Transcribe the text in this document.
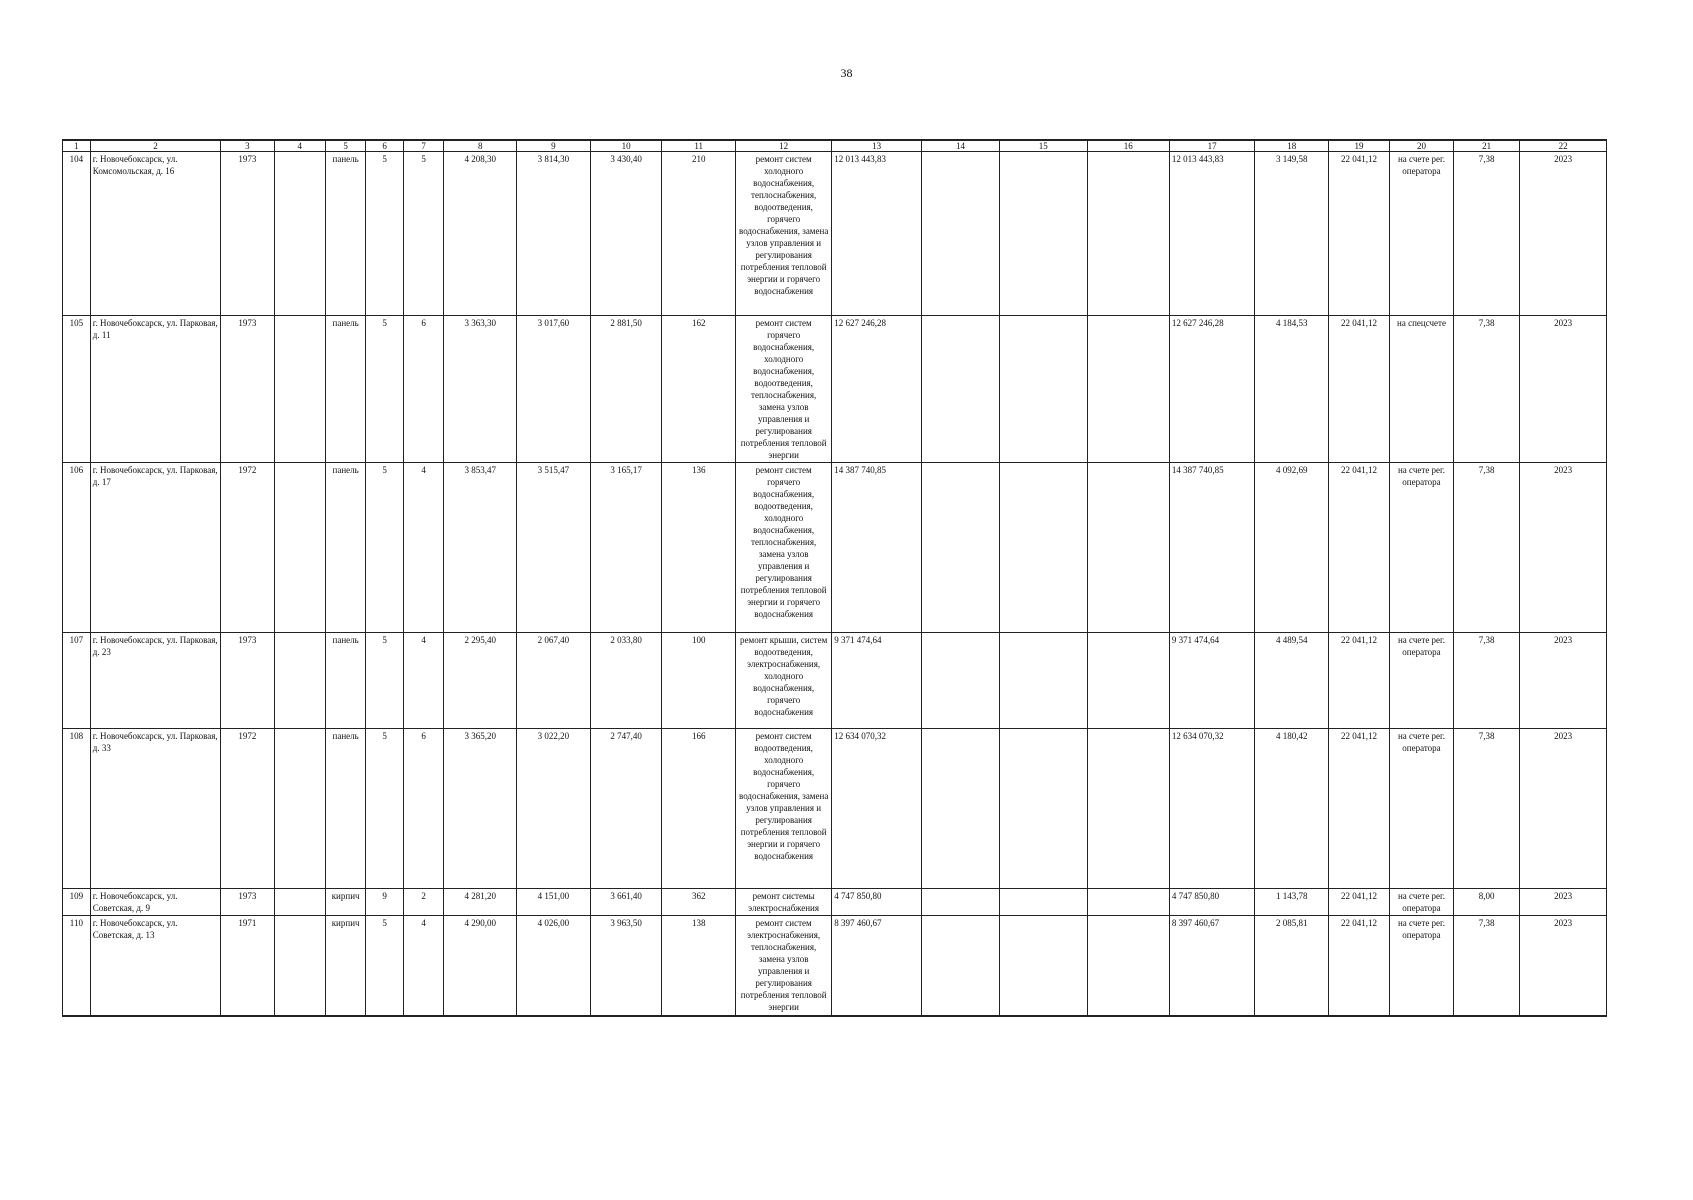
38
1	2	3	4	5	6	7	8	9	10	11	12	13	14	15	16	17	18	19	20	21	22
104	г. Новочебоксарск, ул. Комсомольская, д. 16	1973		панель	5	5	4 208,30	3 814,30	3 430,40	210	ремонт систем холодного водоснабжения, теплоснабжения, водоотведения, горячего водоснабжения, замена узлов управления и регулирования потребления тепловой энергии и горячего водоснабжения	12 013 443,83				12 013 443,83	3 149,58	22 041,12	на счете рег. оператора	7,38	2023
105	г. Новочебоксарск, ул. Парковая, д. 11	1973		панель	5	6	3 363,30	3 017,60	2 881,50	162	ремонт систем горячего водоснабжения, холодного водоснабжения, водоотведения, теплоснабжения, замена узлов управления и регулирования потребления тепловой энергии	12 627 246,28				12 627 246,28	4 184,53	22 041,12	на спецсчете	7,38	2023
106	г. Новочебоксарск, ул. Парковая, д. 17	1972		панель	5	4	3 853,47	3 515,47	3 165,17	136	ремонт систем горячего водоснабжения, водоотведения, холодного водоснабжения, теплоснабжения, замена узлов управления и регулирования потребления тепловой энергии и горячего водоснабжения	14 387 740,85				14 387 740,85	4 092,69	22 041,12	на счете рег. оператора	7,38	2023
107	г. Новочебоксарск, ул. Парковая, д. 23	1973		панель	5	4	2 295,40	2 067,40	2 033,80	100	ремонт крыши, систем водоотведения, электроснабжения, холодного водоснабжения, горячего водоснабжения	9 371 474,64				9 371 474,64	4 489,54	22 041,12	на счете рег. оператора	7,38	2023
108	г. Новочебоксарск, ул. Парковая, д. 33	1972		панель	5	6	3 365,20	3 022,20	2 747,40	166	ремонт систем водоотведения, холодного водоснабжения, горячего водоснабжения, замена узлов управления и регулирования потребления тепловой энергии и горячего водоснабжения	12 634 070,32				12 634 070,32	4 180,42	22 041,12	на счете рег. оператора	7,38	2023
109	г. Новочебоксарск, ул. Советская, д. 9	1973		кирпич	9	2	4 281,20	4 151,00	3 661,40	362	ремонт системы электроснабжения	4 747 850,80				4 747 850,80	1 143,78	22 041,12	на счете рег. оператора	8,00	2023
110	г. Новочебоксарск, ул. Советская, д. 13	1971		кирпич	5	4	4 290,00	4 026,00	3 963,50	138	ремонт систем электроснабжения, теплоснабжения, замена узлов управления и регулирования потребления тепловой энергии	8 397 460,67				8 397 460,67	2 085,81	22 041,12	на счете рег. оператора	7,38	2023
